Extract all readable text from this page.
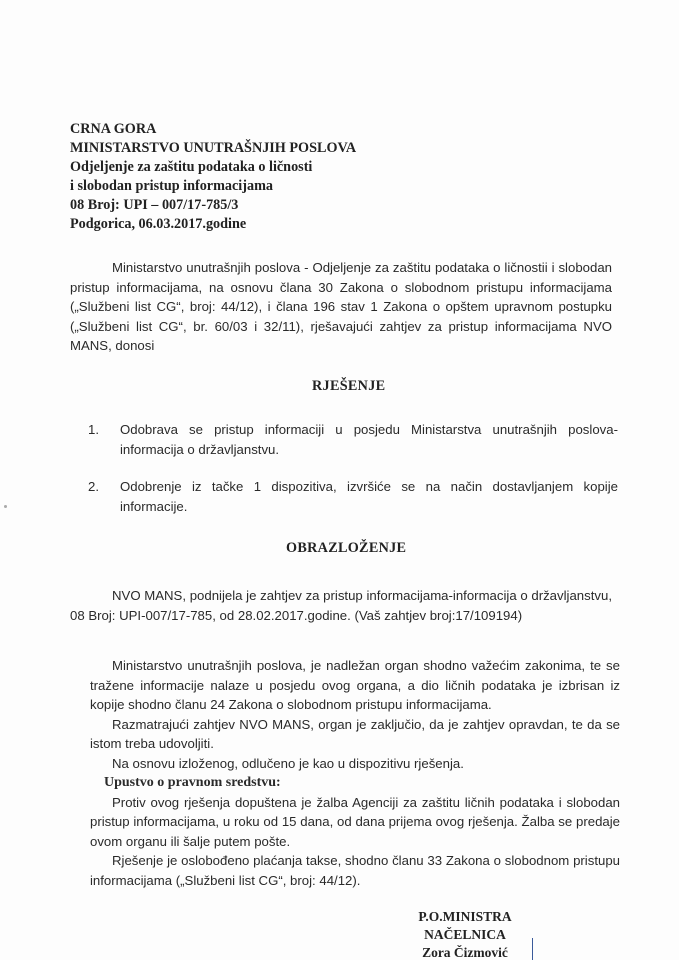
CRNA GORA
MINISTARSTVO UNUTRAŠNJIH POSLOVA
Odjeljenje za zaštitu podataka o ličnosti
i slobodan pristup informacijama
08 Broj: UPI – 007/17-785/3
Podgorica, 06.03.2017.godine
Ministarstvo unutrašnjih poslova - Odjeljenje za zaštitu podataka o ličnostii i slobodan pristup informacijama, na osnovu člana 30 Zakona o slobodnom pristupu informacijama („Službeni list CG“, broj: 44/12), i člana 196 stav 1 Zakona o opštem upravnom postupku („Službeni list CG“, br. 60/03 i 32/11), rješavajući zahtjev za pristup informacijama NVO MANS, donosi
RJEŠENJE
1. Odobrava se pristup informaciji u posjedu Ministarstva unutrašnjih poslova- informacija o državljanstvu.
2. Odobrenje iz tačke 1 dispozitiva, izvršiće se na način dostavljanjem kopije informacije.
OBRAZLOŽENJE
NVO MANS, podnijela je zahtjev za pristup informacijama-informacija o državljanstvu, 08 Broj: UPI-007/17-785, od 28.02.2017.godine. (Vaš zahtjev broj:17/109194)

Ministarstvo unutrašnjih poslova, je nadležan organ shodno važećim zakonima, te se tražene informacije nalaze u posjedu ovog organa, a dio ličnih podataka je izbrisan iz kopije shodno članu 24 Zakona o slobodnom pristupu informacijama.

Razmatrajući zahtjev NVO MANS, organ je zaključio, da je zahtjev opravdan, te da se istom treba udovoljiti.

Na osnovu izloženog, odlučeno je kao u dispozitivu rješenja.

Upustvo o pravnom sredstvu:

Protiv ovog rješenja dopuštena je žalba Agenciji za zaštitu ličnih podataka i slobodan pristup informacijama, u roku od 15 dana, od dana prijema ovog rješenja. Žalba se predaje ovom organu ili šalje putem pošte.

Rješenje je oslobođeno plaćanja takse, shodno članu 33 Zakona o slobodnom pristupu informacijama („Službeni list CG“, broj: 44/12).

P.O.MINISTRA
NAČELNICA
Zora Čizmović
